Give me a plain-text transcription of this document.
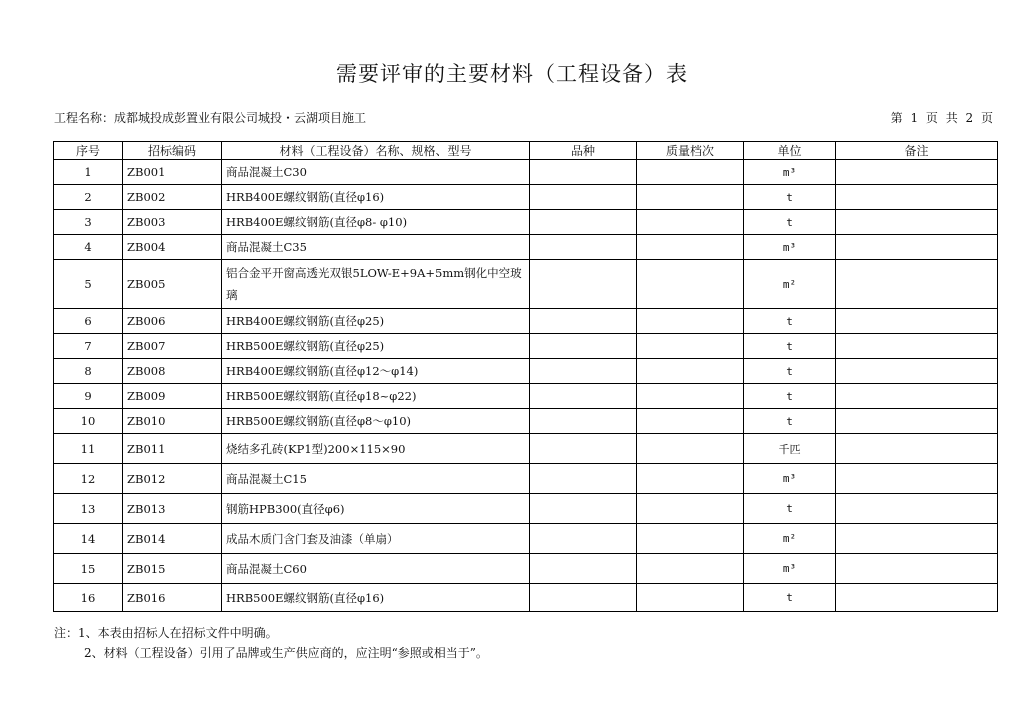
需要评审的主要材料（工程设备）表
工程名称：成都城投成彭置业有限公司城投・云湖项目施工	第 1 页 共 2 页
序号	招标编码	材料（工程设备）名称、规格、型号	品种	质量档次	单位	备注
1	ZB001	商品混凝土C30			m³	
2	ZB002	HRB400E螺纹钢筋(直径φ16)			t	
3	ZB003	HRB400E螺纹钢筋(直径φ8- φ10)			t	
4	ZB004	商品混凝土C35			m³	
5	ZB005	铝合金平开窗高透光双银5LOW-E+9A+5mm钢化中空玻璃			m²	
6	ZB006	HRB400E螺纹钢筋(直径φ25)			t	
7	ZB007	HRB500E螺纹钢筋(直径φ25)			t	
8	ZB008	HRB400E螺纹钢筋(直径φ12～φ14)			t	
9	ZB009	HRB500E螺纹钢筋(直径φ18~φ22)			t	
10	ZB010	HRB500E螺纹钢筋(直径φ8～φ10)			t	
11	ZB011	烧结多孔砖(KP1型)200×115×90			千匹	
12	ZB012	商品混凝土C15			m³	
13	ZB013	钢筋HPB300(直径φ6)			t	
14	ZB014	成品木质门含门套及油漆（单扇）			m²	
15	ZB015	商品混凝土C60			m³	
16	ZB016	HRB500E螺纹钢筋(直径φ16)			t	
注：1、本表由招标人在招标文件中明确。
2、材料（工程设备）引用了品牌或生产供应商的，应注明“参照或相当于”。
